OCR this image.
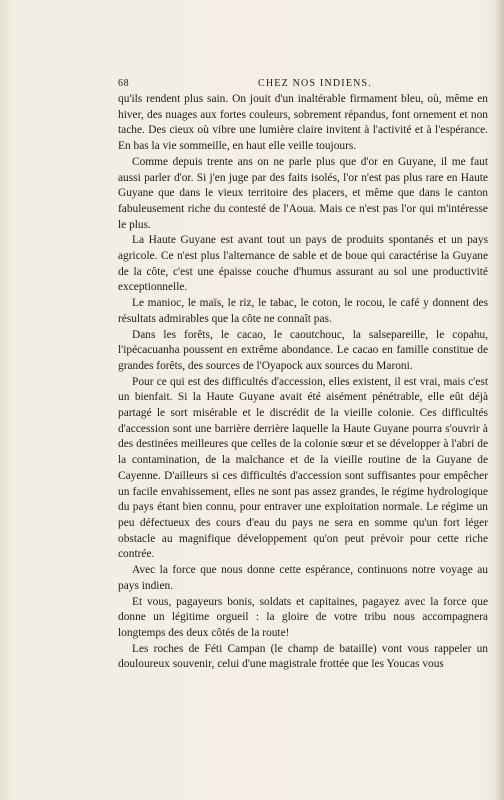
68	CHEZ NOS INDIENS.

qu'ils rendent plus sain. On jouit d'un inaltérable firmament bleu, où, même en hiver, des nuages aux fortes couleurs, sobrement répandus, font ornement et non tache. Des cieux où vibre une lumière claire invitent à l'activité et à l'espérance. En bas la vie sommeille, en haut elle veille toujours.

Comme depuis trente ans on ne parle plus que d'or en Guyane, il me faut aussi parler d'or. Si j'en juge par des faits isolés, l'or n'est pas plus rare en Haute Guyane que dans le vieux territoire des placers, et même que dans le canton fabuleusement riche du contesté de l'Aoua. Mais ce n'est pas l'or qui m'intéresse le plus.

La Haute Guyane est avant tout un pays de produits spontanés et un pays agricole. Ce n'est plus l'alternance de sable et de boue qui caractérise la Guyane de la côte, c'est une épaisse couche d'humus assurant au sol une productivité exceptionnelle.

Le manioc, le maïs, le riz, le tabac, le coton, le rocou, le café y donnent des résultats admirables que la côte ne connaît pas.

Dans les forêts, le cacao, le caoutchouc, la salsepareille, le copahu, l'ipécacuanha poussent en extrême abondance. Le cacao en famille constitue de grandes forêts, des sources de l'Oyapock aux sources du Maroni.

Pour ce qui est des difficultés d'accession, elles existent, il est vrai, mais c'est un bienfait. Si la Haute Guyane avait été aisément pénétrable, elle eût déjà partagé le sort misérable et le discrédit de la vieille colonie. Ces difficultés d'accession sont une barrière derrière laquelle la Haute Guyane pourra s'ouvrir à des destinées meilleures que celles de la colonie sœur et se développer à l'abri de la contamination, de la malchance et de la vieille routine de la Guyane de Cayenne. D'ailleurs si ces difficultés d'accession sont suffisantes pour empêcher un facile envahissement, elles ne sont pas assez grandes, le régime hydrologique du pays étant bien connu, pour entraver une exploitation normale. Le régime un peu défectueux des cours d'eau du pays ne sera en somme qu'un fort léger obstacle au magnifique développement qu'on peut prévoir pour cette riche contrée.

Avec la force que nous donne cette espérance, continuons notre voyage au pays indien.

Et vous, pagayeurs bonis, soldats et capitaines, pagayez avec la force que donne un légitime orgueil : la gloire de votre tribu nous accompagnera longtemps des deux côtés de la route!

Les roches de Féti Campan (le champ de bataille) vont vous rappeler un douloureux souvenir, celui d'une magistrale frottée que les Youcas vous
